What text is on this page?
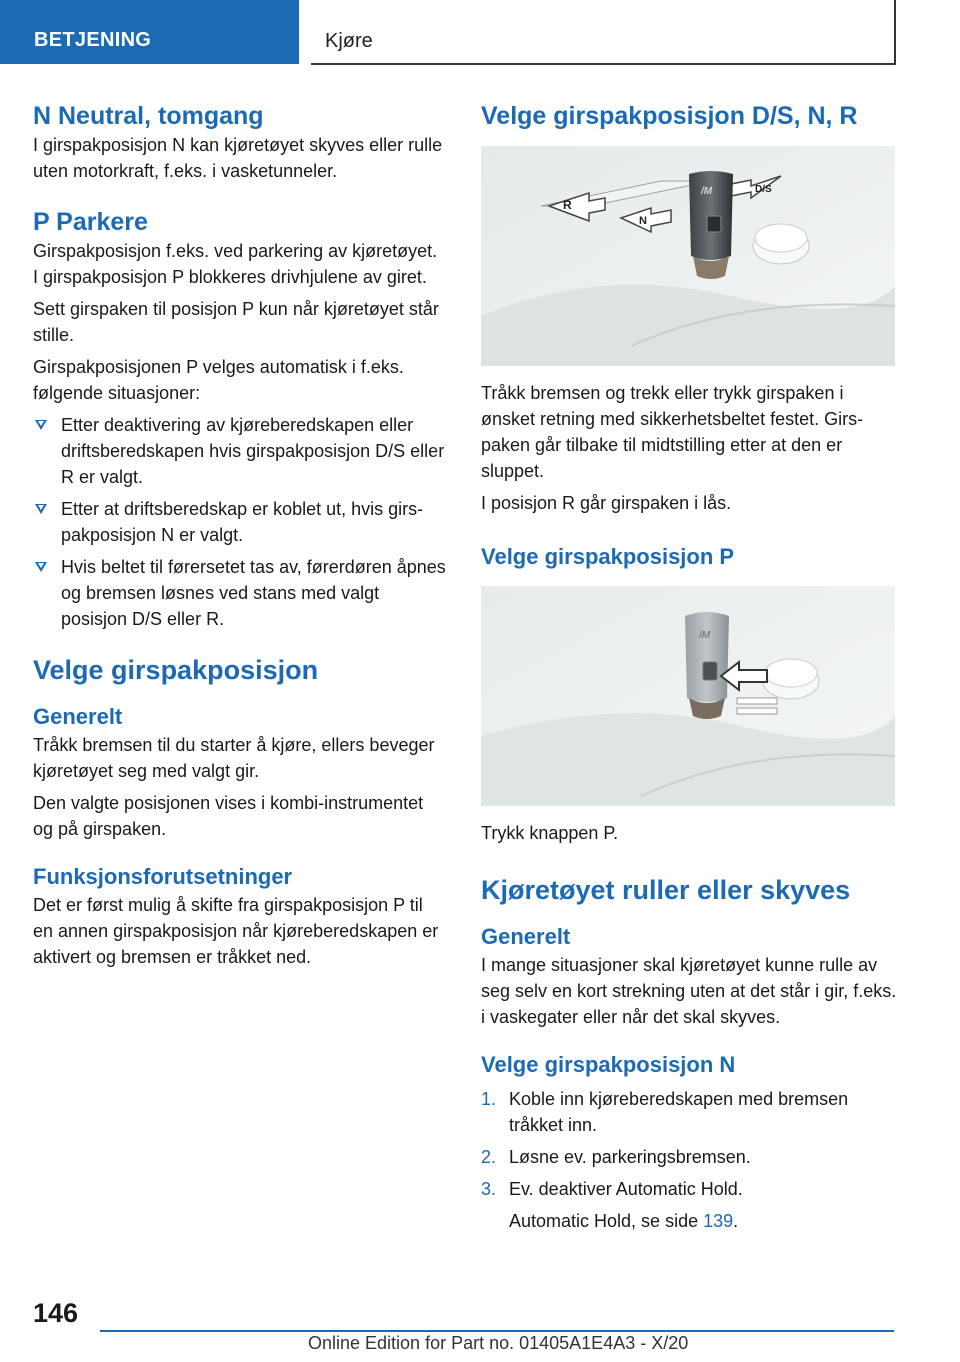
BETJENING	Kjøre
N Neutral, tomgang

I girspakposisjon N kan kjøretøyet skyves eller rulle uten motorkraft, f.eks. i vasketunneler.

P Parkere

Girspakposisjon f.eks. ved parkering av kjøretøyet. I girspakposisjon P blokkeres drivhjulene av giret.

Sett girspaken til posisjon P kun når kjøretøyet står stille.

Girspakposisjonen P velges automatisk i f.eks. følgende situasjoner:

Etter deaktivering av kjøreberedskapen eller driftsberedskapen hvis girspakposisjon D/S eller R er valgt.
Etter at driftsberedskap er koblet ut, hvis girspakposisjon N er valgt.
Hvis beltet til førersetet tas av, førerdøren åpnes og bremsen løsnes ved stans med valgt posisjon D/S eller R.
Velge girspakposisjon
Generelt

Tråkk bremsen til du starter å kjøre, ellers beveger kjøretøyet seg med valgt gir.

Den valgte posisjonen vises i kombi-instrumentet og på girspaken.

Funksjonsforutsetninger

Det er først mulig å skifte fra girspakposisjon P til en annen girspakposisjon når kjøreberedskapen er aktivert og bremsen er tråkket ned.

Velge girspakposisjon D/S, N, R
R
N
D/S
/M

Tråkk bremsen og trekk eller trykk girspaken i ønsket retning med sikkerhetsbeltet festet. Girspaken går tilbake til midtstilling etter at den er sluppet.

I posisjon R går girspaken i lås.

Velge girspakposisjon P
/M

Trykk knappen P.

Kjøretøyet ruller eller skyves
Generelt

I mange situasjoner skal kjøretøyet kunne rulle av seg selv en kort strekning uten at det står i gir, f.eks. i vaskegater eller når det skal skyves.

Velge girspakposisjon N
1. Koble inn kjøreberedskapen med bremsen tråkket inn.
2. Løsne ev. parkeringsbremsen.
3. Ev. deaktiver Automatic Hold.

Automatic Hold, se side 139.

146
Online Edition for Part no. 01405A1E4A3 - X/20
